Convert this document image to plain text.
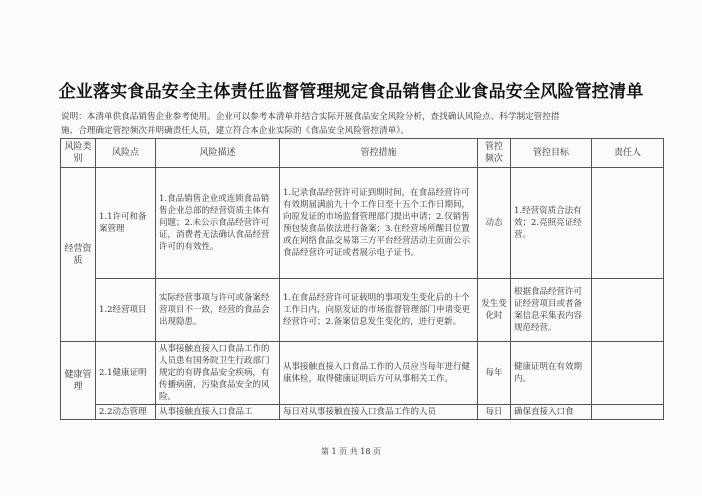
企业落实食品安全主体责任监督管理规定食品销售企业食品安全风险管控清单

说明：本清单供食品销售企业参考使用。企业可以参考本清单并结合实际开展食品安全风险分析，查找确认风险点、科学制定管控措

施、合理确定管控频次并明确责任人员，建立符合本企业实际的《食品安全风险管控清单》。

风险类别	风险点	风险描述	管控措施	管控频次	管控目标	责任人
经营资质	1.1许可和备案管理	1.食品销售企业或连锁食品销售企业总部的经营资质主体有问题；2.未公示食品经营许可证，消费者无法确认食品经营许可的有效性。	1.记录食品经营许可证到期时间，在食品经营许可有效期届满前九十个工作日至十五个工作日期间，向原发证的市场监督管理部门提出申请；2.仅销售预包装食品依法进行备案；3.在经营场所醒目位置或在网络食品交易第三方平台经营活动主页面公示食品经营许可证或者展示电子证书。	动态	1.经营资质合法有效；2.亮照亮证经营。	
	1.2经营项目	实际经营事项与许可或备案经营项目不一致，经营的食品会出现隐患。	1.在食品经营许可证载明的事项发生变化后的十个工作日内，向原发证的市场监督管理部门申请变更经营许可；2.备案信息发生变化的，进行更新。	发生变化时	根据食品经营许可证经营项目或者备案信息采集表内容规范经营。	
健康管理	2.1健康证明	从事接触直接入口食品工作的人员患有国务院卫生行政部门规定的有碍食品安全疾病，有传播病菌，污染食品安全的风险。	从事接触直接入口食品工作的人员应当每年进行健康体检，取得健康证明后方可从事相关工作。	每年	健康证明在有效期内。	

	2.2动态管理	从事接触直接入口食品工	每日对从事接触直接入口食品工作的人员	每日	确保直接入口食	

第 1 页 共 18 页
